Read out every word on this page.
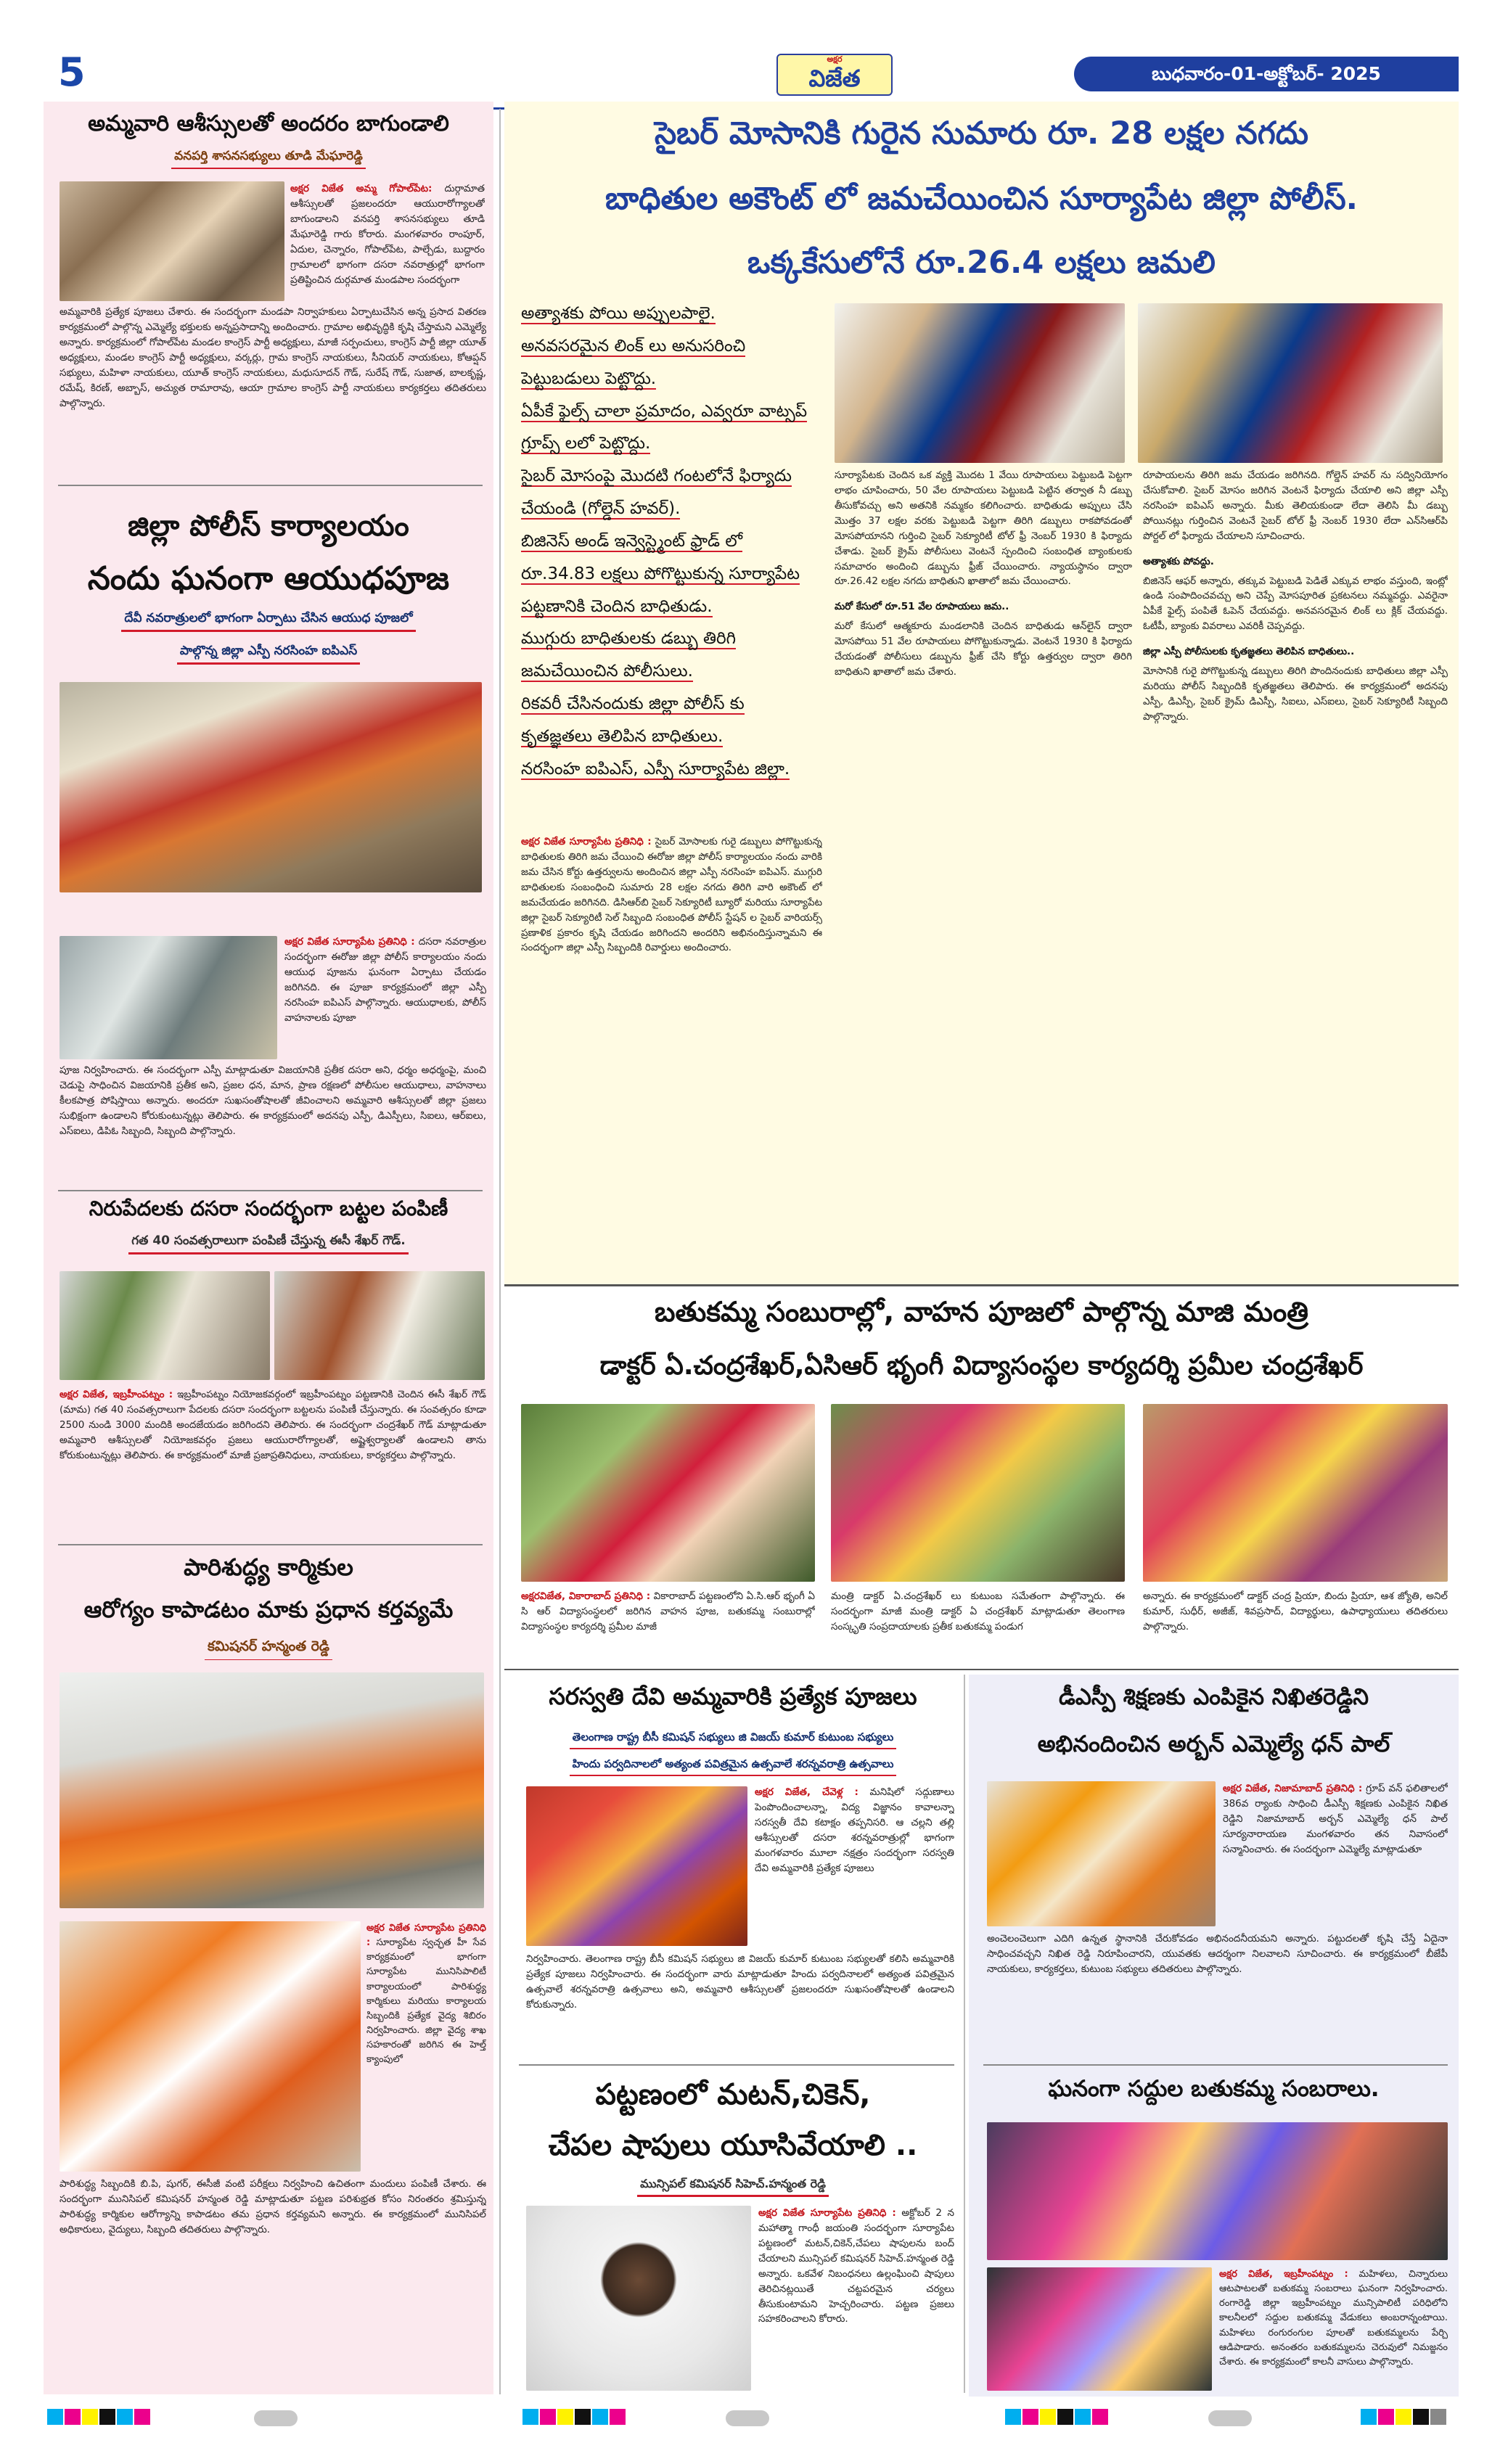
5	అక్షర
విజేత	బుధవారం-01-అక్టోబర్- 2025
అమ్మవారి ఆశీస్సులతో అందరం బాగుండాలి
వనపర్తి శాసనసభ్యులు తూడి మేఘారెడ్డి
అక్షర విజేత అమ్మ గోపాల్‌పేట: దుర్గామాత ఆశీస్సులతో ప్రజలందరూ ఆయురారోగ్యాలతో బాగుండాలని వనపర్తి శాసనసభ్యులు తూడి మేఘారెడ్డి గారు కోరారు. మంగళవారం రాంపూర్, ఏదుల, చెన్నారం, గోపాల్‌పేట, పాల్చేడు, బుద్దారం గ్రామాలలో భాగంగా దసరా నవరాత్రుల్లో భాగంగా ప్రతిష్టించిన దుర్గమాత మండపాల సందర్భంగా
అమ్మవారికి ప్రత్యేక పూజలు చేశారు. ఈ సందర్భంగా మండపా నిర్వాహకులు ఏర్పాటుచేసిన అన్న ప్రసాద వితరణ కార్యక్రమంలో పాల్గొన్న ఎమ్మెల్యే భక్తులకు అన్నప్రసాదాన్ని అందించారు. గ్రామాల అభివృద్ధికి కృషి చేస్తామని ఎమ్మెల్యే అన్నారు. కార్యక్రమంలో గోపాల్‌పేట మండల కాంగ్రెస్ పార్టీ అధ్యక్షులు, మాజీ సర్పంచులు, కాంగ్రెస్ పార్టీ జిల్లా యూత్ అధ్యక్షులు, మండల కాంగ్రెస్ పార్టీ అధ్యక్షులు, వర్కర్లు, గ్రామ కాంగ్రెస్ నాయకులు, సీనియర్ నాయకులు, కోఆప్షన్ సభ్యులు, మహిళా నాయకులు, యూత్ కాంగ్రెస్ నాయకులు, మధుసూదన్ గౌడ్, సురేష్ గౌడ్, సుజాత, బాలకృష్ణ, రమేష్, కిరణ్, అబ్బాస్, అచ్యుత రామారావు, ఆయా గ్రామాల కాంగ్రెస్ పార్టీ నాయకులు కార్యకర్తలు తదితరులు పాల్గొన్నారు.
జిల్లా పోలీస్ కార్యాలయం
నందు ఘనంగా ఆయుధపూజ
దేవీ నవరాత్రులలో భాగంగా ఏర్పాటు చేసిన ఆయుధ పూజలో
పాల్గొన్న జిల్లా ఎస్పీ నరసింహ ఐపిఎస్
అక్షర విజేత సూర్యాపేట ప్రతినిధి : దసరా నవరాత్రుల సందర్భంగా ఈరోజు జిల్లా పోలీస్ కార్యాలయం నందు ఆయుధ పూజను ఘనంగా ఏర్పాటు చేయడం జరిగినది. ఈ పూజా కార్యక్రమంలో జిల్లా ఎస్పీ నరసింహ ఐపిఎస్ పాల్గొన్నారు. ఆయుధాలకు, పోలీస్ వాహనాలకు పూజా
పూజ నిర్వహించారు. ఈ సందర్భంగా ఎస్పీ మాట్లాడుతూ విజయానికి ప్రతీక దసరా అని, ధర్మం అధర్మంపై, మంచి చెడుపై సాధించిన విజయానికి ప్రతీక అని, ప్రజల ధన, మాన, ప్రాణ రక్షణలో పోలీసుల ఆయుధాలు, వాహనాలు కీలకపాత్ర పోషిస్తాయి అన్నారు. అందరూ సుఖసంతోషాలతో జీవించాలని అమ్మవారి ఆశీస్సులతో జిల్లా ప్రజలు సుభిక్షంగా ఉండాలని కోరుకుంటున్నట్లు తెలిపారు. ఈ కార్యక్రమంలో అదనపు ఎస్పీ, డిఎస్పీలు, సిఐలు, ఆర్ఐలు, ఎస్ఐలు, డిపిఓ సిబ్బంది, సిబ్బంది పాల్గొన్నారు.
నిరుపేదలకు దసరా సందర్భంగా బట్టల పంపిణీ
గత 40 సంవత్సరాలుగా పంపిణీ చేస్తున్న ఈసీ శేఖర్ గౌడ్.
అక్షర విజేత, ఇబ్రహీంపట్నం : ఇబ్రహీంపట్నం నియోజకవర్గంలో ఇబ్రహీంపట్నం పట్టణానికి చెందిన ఈసీ శేఖర్ గౌడ్ (మామ) గత 40 సంవత్సరాలుగా పేదలకు దసరా సందర్భంగా బట్టలను పంపిణీ చేస్తున్నారు. ఈ సంవత్సరం కూడా 2500 నుండి 3000 మందికి అందజేయడం జరిగిందని తెలిపారు. ఈ సందర్భంగా చంద్రశేఖర్ గౌడ్ మాట్లాడుతూ అమ్మవారి ఆశీస్సులతో నియోజకవర్గం ప్రజలు ఆయురారోగ్యాలతో, అష్టైశ్వర్యాలతో ఉండాలని తాను కోరుకుంటున్నట్లు తెలిపారు. ఈ కార్యక్రమంలో మాజీ ప్రజాప్రతినిధులు, నాయకులు, కార్యకర్తలు పాల్గొన్నారు.
పారిశుద్ధ్య కార్మికుల
ఆరోగ్యం కాపాడటం మాకు ప్రధాన కర్తవ్యమే
కమిషనర్ హన్మంత రెడ్డి
అక్షర విజేత సూర్యాపేట ప్రతినిధి : సూర్యాపేట స్వచ్ఛత హీ సేవ కార్యక్రమంలో భాగంగా సూర్యాపేట మునిసిపాలిటీ కార్యాలయంలో పారిశుద్ధ్య కార్మికులు మరియు కార్యాలయ సిబ్బందికి ప్రత్యేక వైద్య శిబిరం నిర్వహించారు. జిల్లా వైద్య శాఖ సహకారంతో జరిగిన ఈ హెల్త్ క్యాంపులో
పారిశుద్ధ్య సిబ్బందికి బి.పి, షుగర్, ఈసీజీ వంటి పరీక్షలు నిర్వహించి ఉచితంగా మందులు పంపిణీ చేశారు. ఈ సందర్భంగా మునిసిపల్ కమిషనర్ హన్మంత రెడ్డి మాట్లాడుతూ పట్టణ పరిశుభ్రత కోసం నిరంతరం శ్రమిస్తున్న పారిశుద్ధ్య కార్మికుల ఆరోగ్యాన్ని కాపాడటం తమ ప్రధాన కర్తవ్యమని అన్నారు. ఈ కార్యక్రమంలో మునిసిపల్ అధికారులు, వైద్యులు, సిబ్బంది తదితరులు పాల్గొన్నారు.
సైబర్ మోసానికి గురైన సుమారు రూ. 28 లక్షల నగదు
బాధితుల అకౌంట్ లో జమచేయించిన సూర్యాపేట జిల్లా పోలీస్.
ఒక్కకేసులోనే రూ.26.4 లక్షలు జమలి
అత్యాశకు పోయి అప్పులపాలై.
అనవసరమైన లింక్ లు అనుసరించి
పెట్టుబడులు పెట్టొద్దు.
ఏపీకే ఫైల్స్ చాలా ప్రమాదం, ఎవ్వరూ వాట్సప్
గ్రూప్స్ లలో పెట్టొద్దు.
సైబర్ మోసంపై మొదటి గంటలోనే ఫిర్యాదు
చేయండి (గోల్డెన్ హవర్).
బిజినెస్ అండ్ ఇన్వెస్ట్మెంట్ ఫ్రాడ్ లో
రూ.34.83 లక్షలు పోగొట్టుకున్న సూర్యాపేట
పట్టణానికి చెందిన బాధితుడు.
ముగ్గురు బాధితులకు డబ్బు తిరిగి
జమచేయించిన పోలీసులు.
రికవరీ చేసినందుకు జిల్లా పోలీస్ కు
కృతజ్ఞతలు తెలిపిన బాధితులు.
నరసింహ ఐపిఎస్, ఎస్పీ సూర్యాపేట జిల్లా.
అక్షర విజేత సూర్యాపేట ప్రతినిధి : సైబర్ మోసాలకు గురై డబ్బులు పోగొట్టుకున్న బాధితులకు తిరిగి జమ చేయించి ఈరోజు జిల్లా పోలీస్ కార్యాలయం నందు వారికి జమ చేసిన కోర్టు ఉత్తర్వులను అందించిన జిల్లా ఎస్పీ నరసింహ ఐపిఎస్. ముగ్గురి బాధితులకు సంబంధించి సుమారు 28 లక్షల నగదు తిరిగి వారి అకౌంట్ లో జమచేయడం జరిగినది. డిసిఆర్‌బి సైబర్ సెక్యూరిటీ బ్యూరో మరియు సూర్యాపేట జిల్లా సైబర్ సెక్యూరిటీ సెల్ సిబ్బంది సంబంధిత పోలీస్ స్టేషన్ ల సైబర్ వారియర్స్ ప్రణాళిక ప్రకారం కృషి చేయడం జరిగిందని అందరిని అభినందిస్తున్నామని ఈ సందర్భంగా జిల్లా ఎస్పీ సిబ్బందికి రివార్డులు అందించారు.

సూర్యాపేటకు చెందిన ఒక వ్యక్తి మొదట 1 వేయి రూపాయలు పెట్టుబడి పెట్టగా లాభం చూపించారు, 50 వేల రూపాయలు పెట్టుబడి పెట్టిన తర్వాత నీ డబ్బు తీసుకోవచ్చు అని అతనికి నమ్మకం కలిగించారు. బాధితుడు అప్పులు చేసి మొత్తం 37 లక్షల వరకు పెట్టుబడి పెట్టగా తిరిగి డబ్బులు రాకపోవడంతో మోసపోయానని గుర్తించి సైబర్ సెక్యూరిటీ టోల్ ఫ్రీ నెంబర్ 1930 కి ఫిర్యాదు చేశాడు. సైబర్ క్రైమ్ పోలీసులు వెంటనే స్పందించి సంబంధిత బ్యాంకులకు సమాచారం అందించి డబ్బును ఫ్రీజ్ చేయించారు. న్యాయస్థానం ద్వారా రూ.26.42 లక్షల నగదు బాధితుని ఖాతాలో జమ చేయించారు.

మరో కేసులో రూ.51 వేల రూపాయలు జమ..

మరో కేసులో ఆత్మకూరు మండలానికి చెందిన బాధితుడు ఆన్‌లైన్ ద్వారా మోసపోయి 51 వేల రూపాయలు పోగొట్టుకున్నాడు. వెంటనే 1930 కి ఫిర్యాదు చేయడంతో పోలీసులు డబ్బును ఫ్రీజ్ చేసి కోర్టు ఉత్తర్వుల ద్వారా తిరిగి బాధితుని ఖాతాలో జమ చేశారు.

రూపాయలను తిరిగి జమ చేయడం జరిగినది. గోల్డెన్ హవర్ ను సద్వినియోగం చేసుకోవాలి. సైబర్ మోసం జరిగిన వెంటనే ఫిర్యాదు చేయాలి అని జిల్లా ఎస్పీ నరసింహ ఐపిఎస్ అన్నారు. మీకు తెలియకుండా లేదా తెలిసి మీ డబ్బు పోయినట్లు గుర్తించిన వెంటనే సైబర్ టోల్ ఫ్రీ నెంబర్ 1930 లేదా ఎన్‌సిఆర్‌పి పోర్టల్ లో ఫిర్యాదు చేయాలని సూచించారు.

అత్యాశకు పోవద్దు.

బిజినెస్ ఆఫర్ అన్నారు, తక్కువ పెట్టుబడి పెడితే ఎక్కువ లాభం వస్తుంది, ఇంట్లో ఉండి సంపాదించవచ్చు అని చెప్పే మోసపూరిత ప్రకటనలు నమ్మవద్దు. ఎవరైనా ఏపీకే ఫైల్స్ పంపితే ఓపెన్ చేయవద్దు. అనవసరమైన లింక్ లు క్లిక్ చేయవద్దు. ఓటీపీ, బ్యాంకు వివరాలు ఎవరికీ చెప్పవద్దు.

జిల్లా ఎస్పీ పోలీసులకు కృతజ్ఞతలు తెలిపిన బాధితులు..

మోసానికి గురై పోగొట్టుకున్న డబ్బులు తిరిగి పొందినందుకు బాధితులు జిల్లా ఎస్పీ మరియు పోలీస్ సిబ్బందికి కృతజ్ఞతలు తెలిపారు. ఈ కార్యక్రమంలో అదనపు ఎస్పీ, డిఎస్పీ, సైబర్ క్రైమ్ డిఎస్పీ, సిఐలు, ఎస్ఐలు, సైబర్ సెక్యూరిటీ సిబ్బంది పాల్గొన్నారు.

బతుకమ్మ సంబురాల్లో, వాహన పూజలో పాల్గొన్న మాజి మంత్రి
డాక్టర్ ఏ.చంద్రశేఖర్,ఏసిఆర్ భృంగీ విద్యాసంస్థల కార్యదర్శి ప్రమీల చంద్రశేఖర్
అక్షరవిజేత, వికారాబాద్ ప్రతినిధి : వికారాబాద్ పట్టణంలోని ఏ.సి.ఆర్ భృంగీ ఏ సి ఆర్ విద్యాసంస్థలలో జరిగిన వాహన పూజ, బతుకమ్మ సంబురాల్లో విద్యాసంస్థల కార్యదర్శి ప్రమీల మాజీ
మంత్రి డాక్టర్ ఏ.చంద్రశేఖర్ లు కుటుంబ సమేతంగా పాల్గొన్నారు. ఈ సందర్భంగా మాజీ మంత్రి డాక్టర్ ఏ చంద్రశేఖర్ మాట్లాడుతూ తెలంగాణ సంస్కృతి సంప్రదాయాలకు ప్రతీక బతుకమ్మ పండుగ
అన్నారు. ఈ కార్యక్రమంలో డాక్టర్ చంద్ర ప్రియా, బిందు ప్రియా, ఆశ జ్యోతి, అనిల్ కుమార్, సుధీర్, అజీజ్, శివప్రసాద్, విద్యార్థులు, ఉపాధ్యాయులు తదితరులు పాల్గొన్నారు.
సరస్వతి దేవి అమ్మవారికి ప్రత్యేక పూజలు
తెలంగాణ రాష్ట్ర బీసీ కమిషన్ సభ్యులు జి విజయ్ కుమార్ కుటుంబ సభ్యులు
హిందు పర్వదినాలలో అత్యంత పవిత్రమైన ఉత్సవాలే శరన్నవరాత్రి ఉత్సవాలు
అక్షర విజేత, చేవెళ్ల : మనిషిలో సద్గుణాలు పెంపొందించాలన్నా, విద్య విజ్ఞానం కావాలన్నా సరస్వతీ దేవి కటాక్షం తప్పనిసరి. ఆ చల్లని తల్లి ఆశీస్సులతో దసరా శరన్నవరాత్రుల్లో భాగంగా మంగళవారం మూలా నక్షత్రం సందర్భంగా సరస్వతి దేవి అమ్మవారికి ప్రత్యేక పూజలు
నిర్వహించారు. తెలంగాణ రాష్ట్ర బీసీ కమిషన్ సభ్యులు జి విజయ్ కుమార్ కుటుంబ సభ్యులతో కలిసి అమ్మవారికి ప్రత్యేక పూజలు నిర్వహించారు. ఈ సందర్భంగా వారు మాట్లాడుతూ హిందు పర్వదినాలలో అత్యంత పవిత్రమైన ఉత్సవాలే శరన్నవరాత్రి ఉత్సవాలు అని, అమ్మవారి ఆశీస్సులతో ప్రజలందరూ సుఖసంతోషాలతో ఉండాలని కోరుకున్నారు.
పట్టణంలో మటన్,చికెన్,
చేపల షాపులు యూసివేయాలి ..
మున్సిపల్ కమిషనర్ సిహెచ్.హన్మంత రెడ్డి
అక్షర విజేత సూర్యాపేట ప్రతినిధి : అక్టోబర్ 2 న మహాత్మా గాంధీ జయంతి సందర్భంగా సూర్యాపేట పట్టణంలో మటన్,చికెన్,చేపలు షాపులను బంద్ చేయాలని మున్సిపల్ కమిషనర్ సిహెచ్.హన్మంత రెడ్డి అన్నారు. ఒకవేళ నిబంధనలు ఉల్లంఘించి షాపులు తెరిచినట్లయితే చట్టపరమైన చర్యలు తీసుకుంటామని హెచ్చరించారు. పట్టణ ప్రజలు సహకరించాలని కోరారు.
డీఎస్పీ శిక్షణకు ఎంపికైన నిఖితరెడ్డిని
అభినందించిన అర్బన్ ఎమ్మెల్యే ధన్ పాల్
అక్షర విజేత, నిజామాబాద్ ప్రతినిధి : గ్రూప్ వన్ ఫలితాలలో 386వ ర్యాంకు సాధించి డీఎస్పీ శిక్షణకు ఎంపికైన నిఖిత రెడ్డిని నిజామాబాద్ అర్బన్ ఎమ్మెల్యే ధన్ పాల్ సూర్యనారాయణ మంగళవారం తన నివాసంలో సన్మానించారు. ఈ సందర్భంగా ఎమ్మెల్యే మాట్లాడుతూ
అంచెలంచెలుగా ఎదిగి ఉన్నత స్థానానికి చేరుకోవడం అభినందనీయమని అన్నారు. పట్టుదలతో కృషి చేస్తే ఏదైనా సాధించవచ్చని నిఖిత రెడ్డి నిరూపించారని, యువతకు ఆదర్శంగా నిలవాలని సూచించారు. ఈ కార్యక్రమంలో బీజేపీ నాయకులు, కార్యకర్తలు, కుటుంబ సభ్యులు తదితరులు పాల్గొన్నారు.
ఘనంగా సద్దుల బతుకమ్మ సంబరాలు.
అక్షర విజేత, ఇబ్రహీంపట్నం : మహిళలు, చిన్నారులు ఆటపాటలతో బతుకమ్మ సంబరాలు ఘనంగా నిర్వహించారు. రంగారెడ్డి జిల్లా ఇబ్రహీంపట్నం మున్సిపాలిటీ పరిధిలోని కాలనీలలో సద్దుల బతుకమ్మ వేడుకలు అంబరాన్నంటాయి. మహిళలు రంగురంగుల పూలతో బతుకమ్మలను పేర్చి ఆడిపాడారు. అనంతరం బతుకమ్మలను చెరువులో నిమజ్జనం చేశారు. ఈ కార్యక్రమంలో కాలనీ వాసులు పాల్గొన్నారు.
